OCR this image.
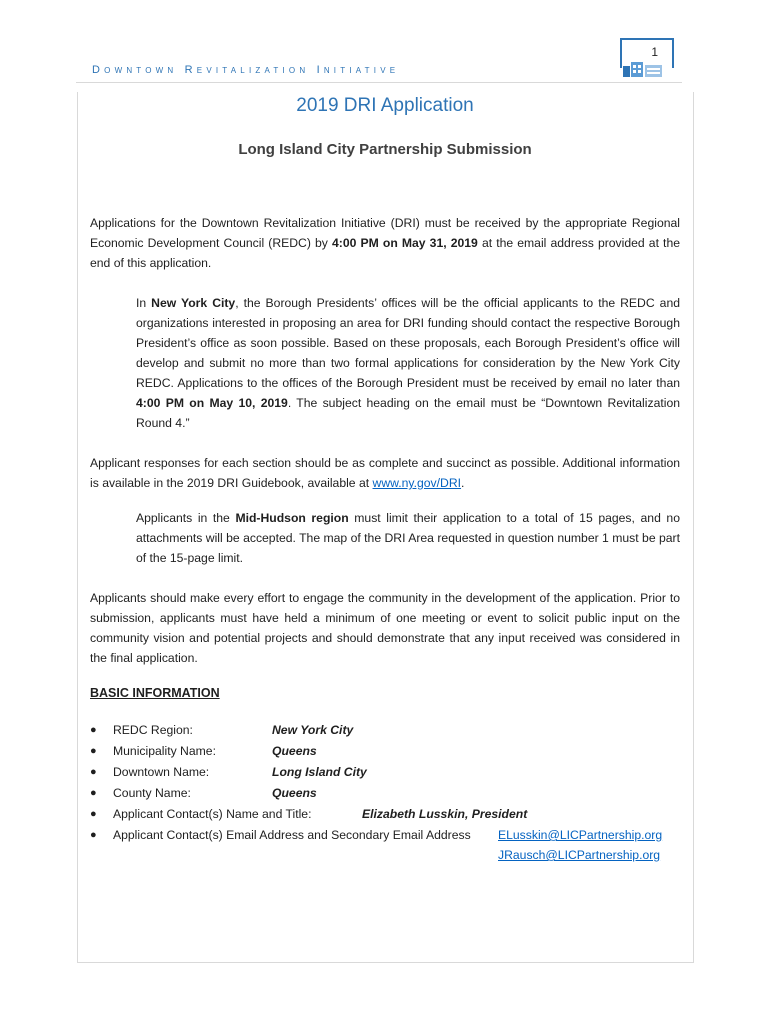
Downtown Revitalization Initiative
1
2019 DRI Application
Long Island City Partnership Submission

Applications for the Downtown Revitalization Initiative (DRI) must be received by the appropriate Regional Economic Development Council (REDC) by 4:00 PM on May 31, 2019 at the email address provided at the end of this application.

In New York City, the Borough Presidents’ offices will be the official applicants to the REDC and organizations interested in proposing an area for DRI funding should contact the respective Borough President’s office as soon possible. Based on these proposals, each Borough President’s office will develop and submit no more than two formal applications for consideration by the New York City REDC. Applications to the offices of the Borough President must be received by email no later than 4:00 PM on May 10, 2019. The subject heading on the email must be “Downtown Revitalization Round 4.”

Applicant responses for each section should be as complete and succinct as possible. Additional information is available in the 2019 DRI Guidebook, available at www.ny.gov/DRI.

Applicants in the Mid-Hudson region must limit their application to a total of 15 pages, and no attachments will be accepted. The map of the DRI Area requested in question number 1 must be part of the 15-page limit.

Applicants should make every effort to engage the community in the development of the application. Prior to submission, applicants must have held a minimum of one meeting or event to solicit public input on the community vision and potential projects and should demonstrate that any input received was considered in the final application.

BASIC INFORMATION
● REDC Region:	New York City
● Municipality Name:	Queens
● Downtown Name:	Long Island City
● County Name:	Queens
● Applicant Contact(s) Name and Title:	Elizabeth Lusskin, President
● Applicant Contact(s) Email Address and Secondary Email Address ELusskin@LICPartnership.org
JRausch@LICPartnership.org
